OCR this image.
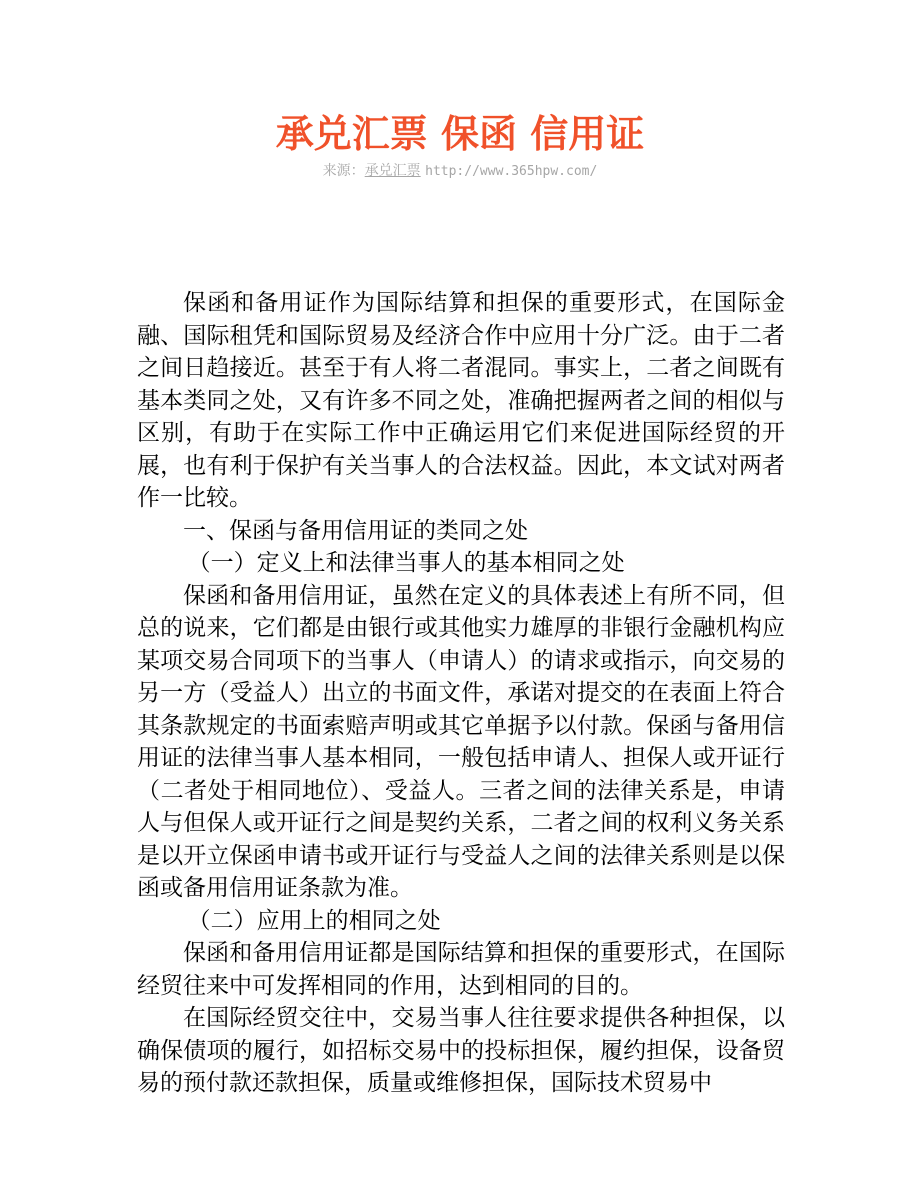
承兑汇票 保函 信用证
来源：承兑汇票 http://www.365hpw.com/

保函和备用证作为国际结算和担保的重要形式，在国际金融、国际租凭和国际贸易及经济合作中应用十分广泛。由于二者之间日趋接近。甚至于有人将二者混同。事实上，二者之间既有基本类同之处，又有许多不同之处，准确把握两者之间的相似与区别，有助于在实际工作中正确运用它们来促进国际经贸的开展，也有利于保护有关当事人的合法权益。因此，本文试对两者作一比较。

一、保函与备用信用证的类同之处

（一）定义上和法律当事人的基本相同之处

保函和备用信用证，虽然在定义的具体表述上有所不同，但总的说来，它们都是由银行或其他实力雄厚的非银行金融机构应某项交易合同项下的当事人（申请人）的请求或指示，向交易的另一方（受益人）出立的书面文件，承诺对提交的在表面上符合其条款规定的书面索赔声明或其它单据予以付款。保函与备用信用证的法律当事人基本相同，一般包括申请人、担保人或开证行（二者处于相同地位）、受益人。三者之间的法律关系是，申请人与但保人或开证行之间是契约关系，二者之间的权利义务关系是以开立保函申请书或开证行与受益人之间的法律关系则是以保函或备用信用证条款为准。

（二）应用上的相同之处

保函和备用信用证都是国际结算和担保的重要形式，在国际经贸往来中可发挥相同的作用，达到相同的目的。

在国际经贸交往中，交易当事人往往要求提供各种担保，以确保债项的履行，如招标交易中的投标担保，履约担保，设备贸易的预付款还款担保，质量或维修担保，国际技术贸易中
